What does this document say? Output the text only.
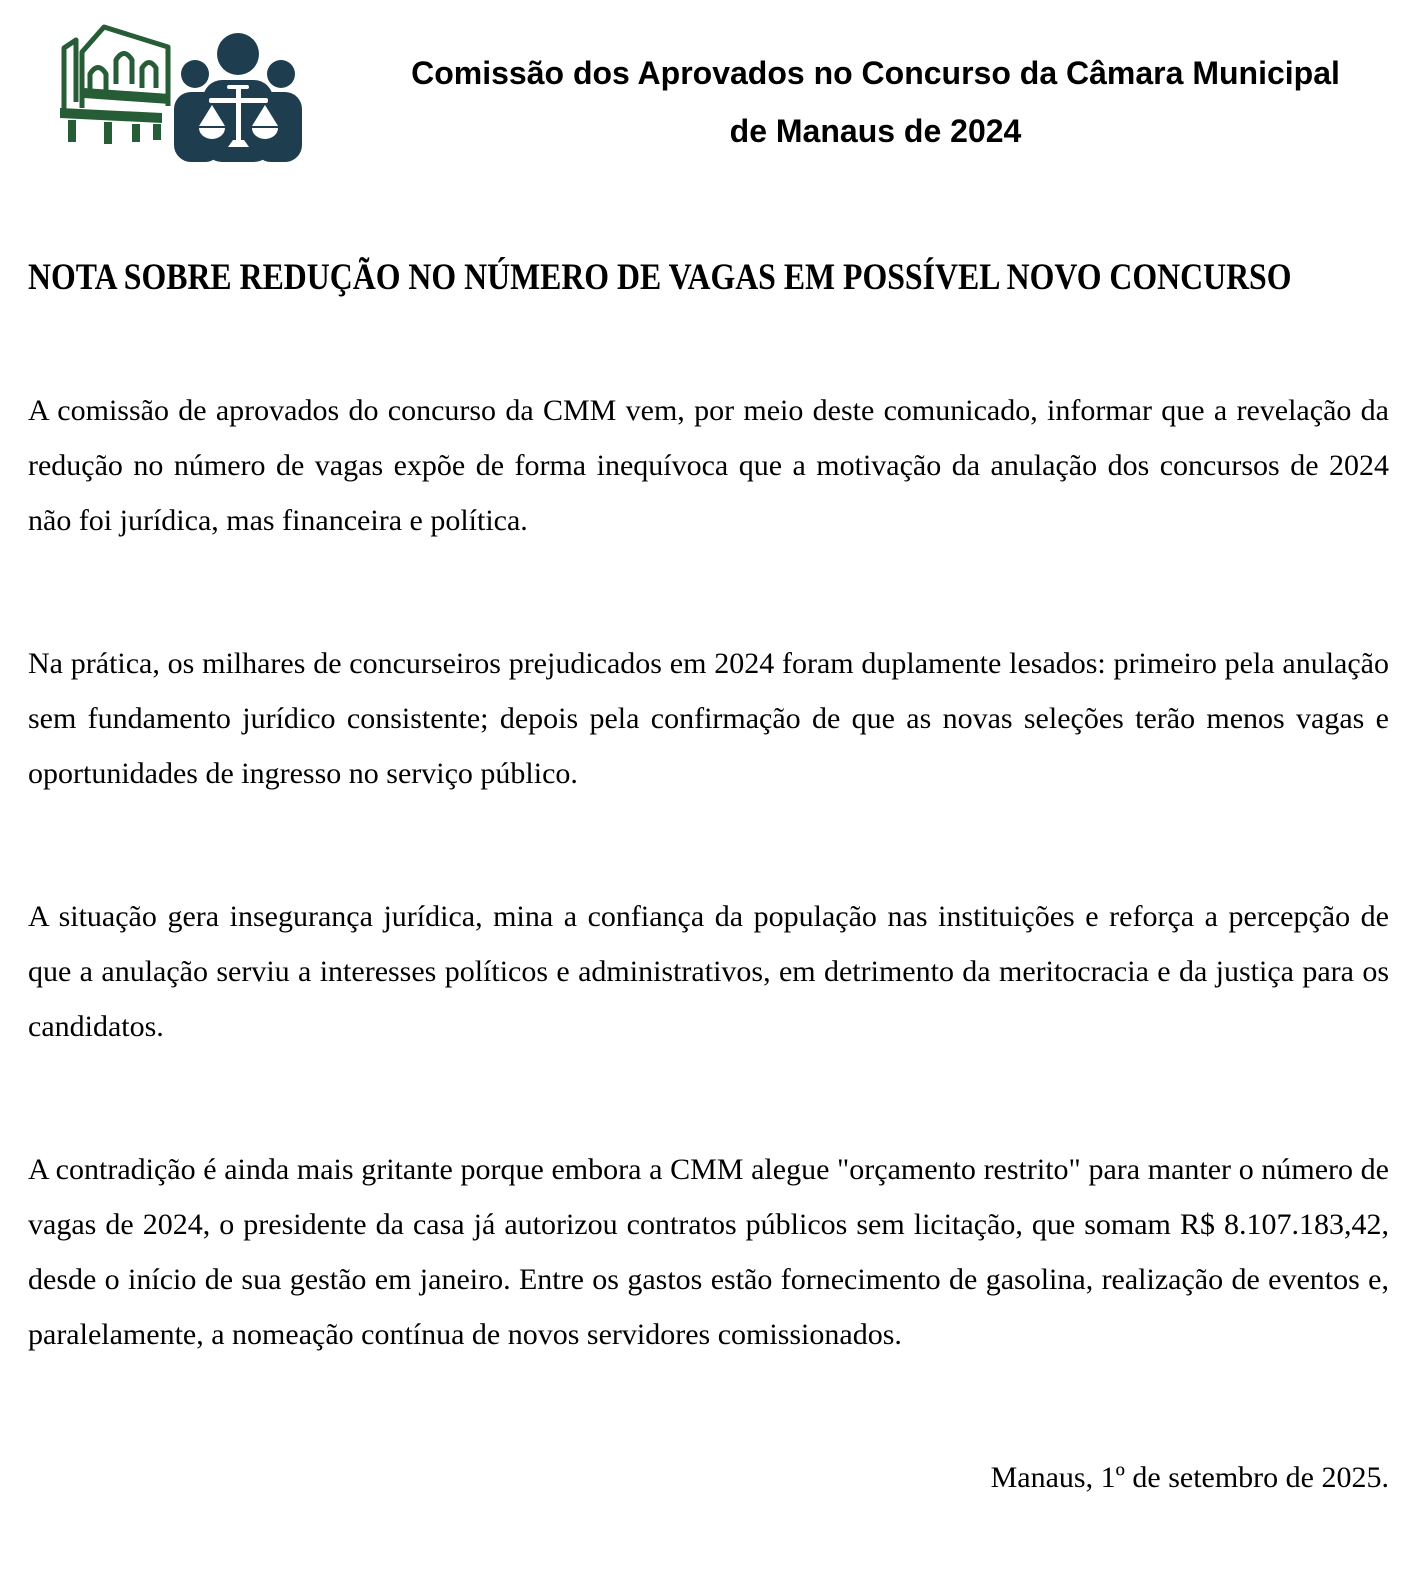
Comissão dos Aprovados no Concurso da Câmara Municipal
de Manaus de 2024
NOTA SOBRE REDUÇÃO NO NÚMERO DE VAGAS EM POSSÍVEL NOVO CONCURSO

A comissão de aprovados do concurso da CMM vem, por meio deste comunicado, informar que a revelação da redução no número de vagas expõe de forma inequívoca que a motivação da anulação dos concursos de 2024 não foi jurídica, mas financeira e política.

Na prática, os milhares de concurseiros prejudicados em 2024 foram duplamente lesados: primeiro pela anulação sem fundamento jurídico consistente; depois pela confirmação de que as novas seleções terão menos vagas e oportunidades de ingresso no serviço público.

A situação gera insegurança jurídica, mina a confiança da população nas instituições e reforça a percepção de que a anulação serviu a interesses políticos e administrativos, em detrimento da meritocracia e da justiça para os candidatos.

A contradição é ainda mais gritante porque embora a CMM alegue "orçamento restrito" para manter o número de vagas de 2024, o presidente da casa já autorizou contratos públicos sem licitação, que somam R$ 8.107.183,42, desde o início de sua gestão em janeiro. Entre os gastos estão fornecimento de gasolina, realização de eventos e, paralelamente, a nomeação contínua de novos servidores comissionados.

Manaus, 1º de setembro de 2025.
